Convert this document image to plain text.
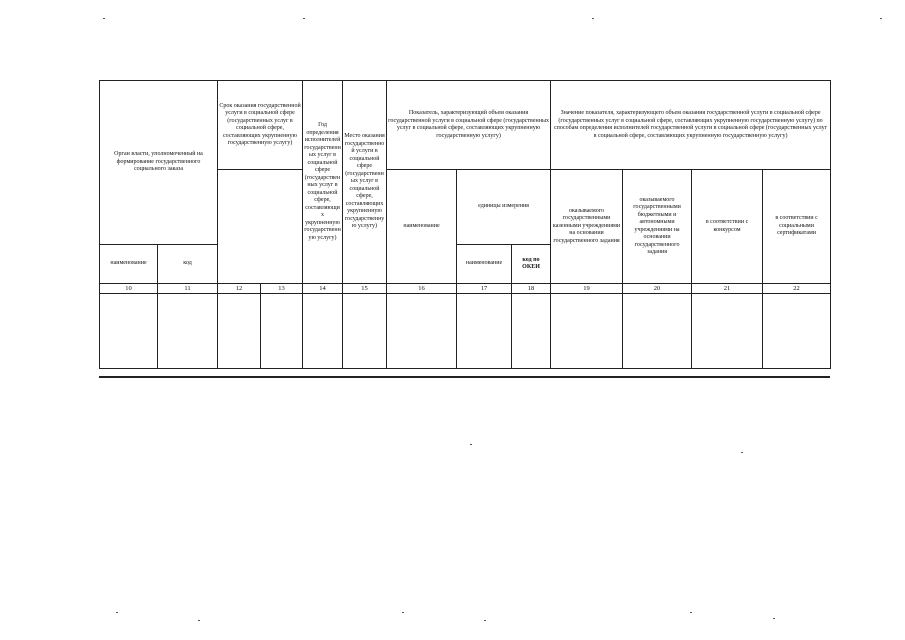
Орган власти, уполномоченный на формирование государственного социального заказа		Срок оказания государственной услуги в социальной сфере (государственных услуг в социальной сфере, составляющих укрупненную государственную услугу)		Год определения исполнителей государственных услуг в социальной сфере (государственных услуг в социальной сфере, составляющих укрупненную государственную услугу)	Место оказания государственной услуги в социальной сфере (государственных услуг в социальной сфере, составляющих укрупненную государственную услугу)	Показатель, характеризующий объем оказания государственной услуги в социальной сфере (государственных услуг в социальной сфере, составляющих укрупненную государственную услугу)			Значение показателя, характеризующего объем оказания государственной услуги в социальной сфере (государственных услуг в социальной сфере, составляющих укрупненную государственную услугу) по способам определения исполнителей государственной услуги в социальной сфере (государственных услуг в социальной сфере, составляющих укрупненную государственную услугу)			
						наименование	единицы измерения		оказываемого государственными казенными учреждениями на основании государственного задания	оказываемого государственными бюджетными и автономными учреждениями на основании государственного задания	в соответствии с конкурсом	в соответствии с социальными сертификатами
наименование	код						наименование	код по ОКЕИ				
10	11	12	13	14	15	16	17	18	19	20	21	22
